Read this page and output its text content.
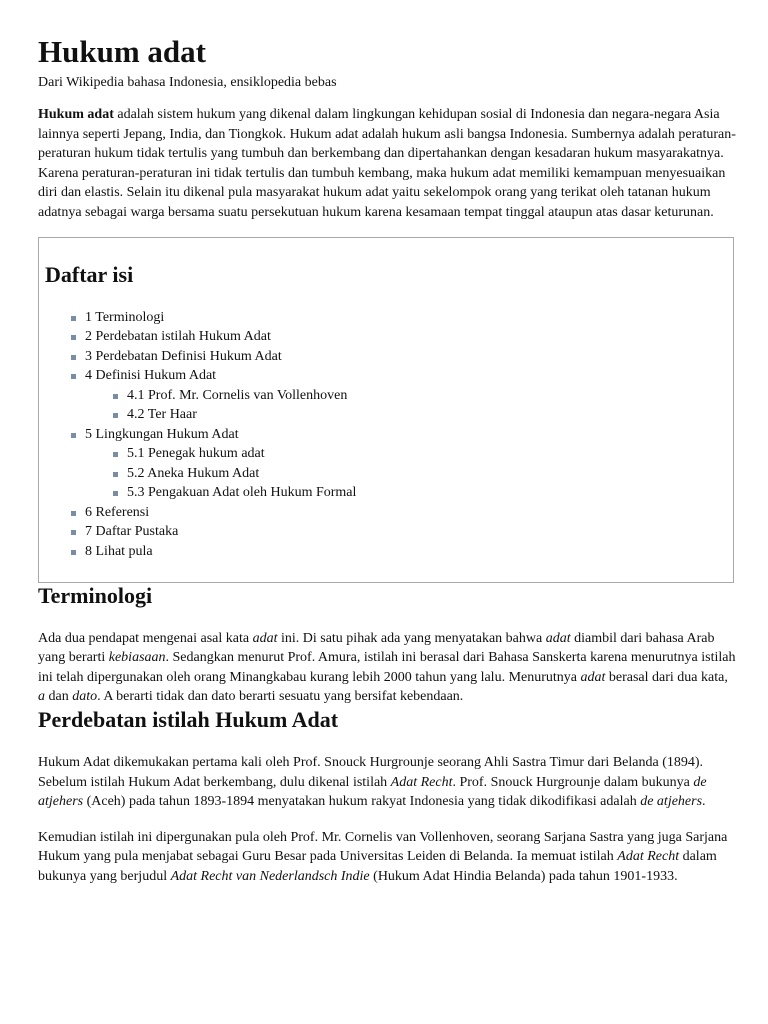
Hukum adat
Dari Wikipedia bahasa Indonesia, ensiklopedia bebas

Hukum adat adalah sistem hukum yang dikenal dalam lingkungan kehidupan sosial di Indonesia dan negara-negara Asia lainnya seperti Jepang, India, dan Tiongkok. Hukum adat adalah hukum asli bangsa Indonesia. Sumbernya adalah peraturan-peraturan hukum tidak tertulis yang tumbuh dan berkembang dan dipertahankan dengan kesadaran hukum masyarakatnya. Karena peraturan-peraturan ini tidak tertulis dan tumbuh kembang, maka hukum adat memiliki kemampuan menyesuaikan diri dan elastis. Selain itu dikenal pula masyarakat hukum adat yaitu sekelompok orang yang terikat oleh tatanan hukum adatnya sebagai warga bersama suatu persekutuan hukum karena kesamaan tempat tinggal ataupun atas dasar keturunan.

Daftar isi
1 Terminologi
2 Perdebatan istilah Hukum Adat
3 Perdebatan Definisi Hukum Adat
4 Definisi Hukum Adat
4.1 Prof. Mr. Cornelis van Vollenhoven
4.2 Ter Haar
5 Lingkungan Hukum Adat
5.1 Penegak hukum adat
5.2 Aneka Hukum Adat
5.3 Pengakuan Adat oleh Hukum Formal
6 Referensi
7 Daftar Pustaka
8 Lihat pula
Terminologi

Ada dua pendapat mengenai asal kata adat ini. Di satu pihak ada yang menyatakan bahwa adat diambil dari bahasa Arab yang berarti kebiasaan. Sedangkan menurut Prof. Amura, istilah ini berasal dari Bahasa Sanskerta karena menurutnya istilah ini telah dipergunakan oleh orang Minangkabau kurang lebih 2000 tahun yang lalu. Menurutnya adat berasal dari dua kata, a dan dato. A berarti tidak dan dato berarti sesuatu yang bersifat kebendaan.

Perdebatan istilah Hukum Adat

Hukum Adat dikemukakan pertama kali oleh Prof. Snouck Hurgrounje seorang Ahli Sastra Timur dari Belanda (1894). Sebelum istilah Hukum Adat berkembang, dulu dikenal istilah Adat Recht. Prof. Snouck Hurgrounje dalam bukunya de atjehers (Aceh) pada tahun 1893-1894 menyatakan hukum rakyat Indonesia yang tidak dikodifikasi adalah de atjehers.

Kemudian istilah ini dipergunakan pula oleh Prof. Mr. Cornelis van Vollenhoven, seorang Sarjana Sastra yang juga Sarjana Hukum yang pula menjabat sebagai Guru Besar pada Universitas Leiden di Belanda. Ia memuat istilah Adat Recht dalam bukunya yang berjudul Adat Recht van Nederlandsch Indie (Hukum Adat Hindia Belanda) pada tahun 1901-1933.
